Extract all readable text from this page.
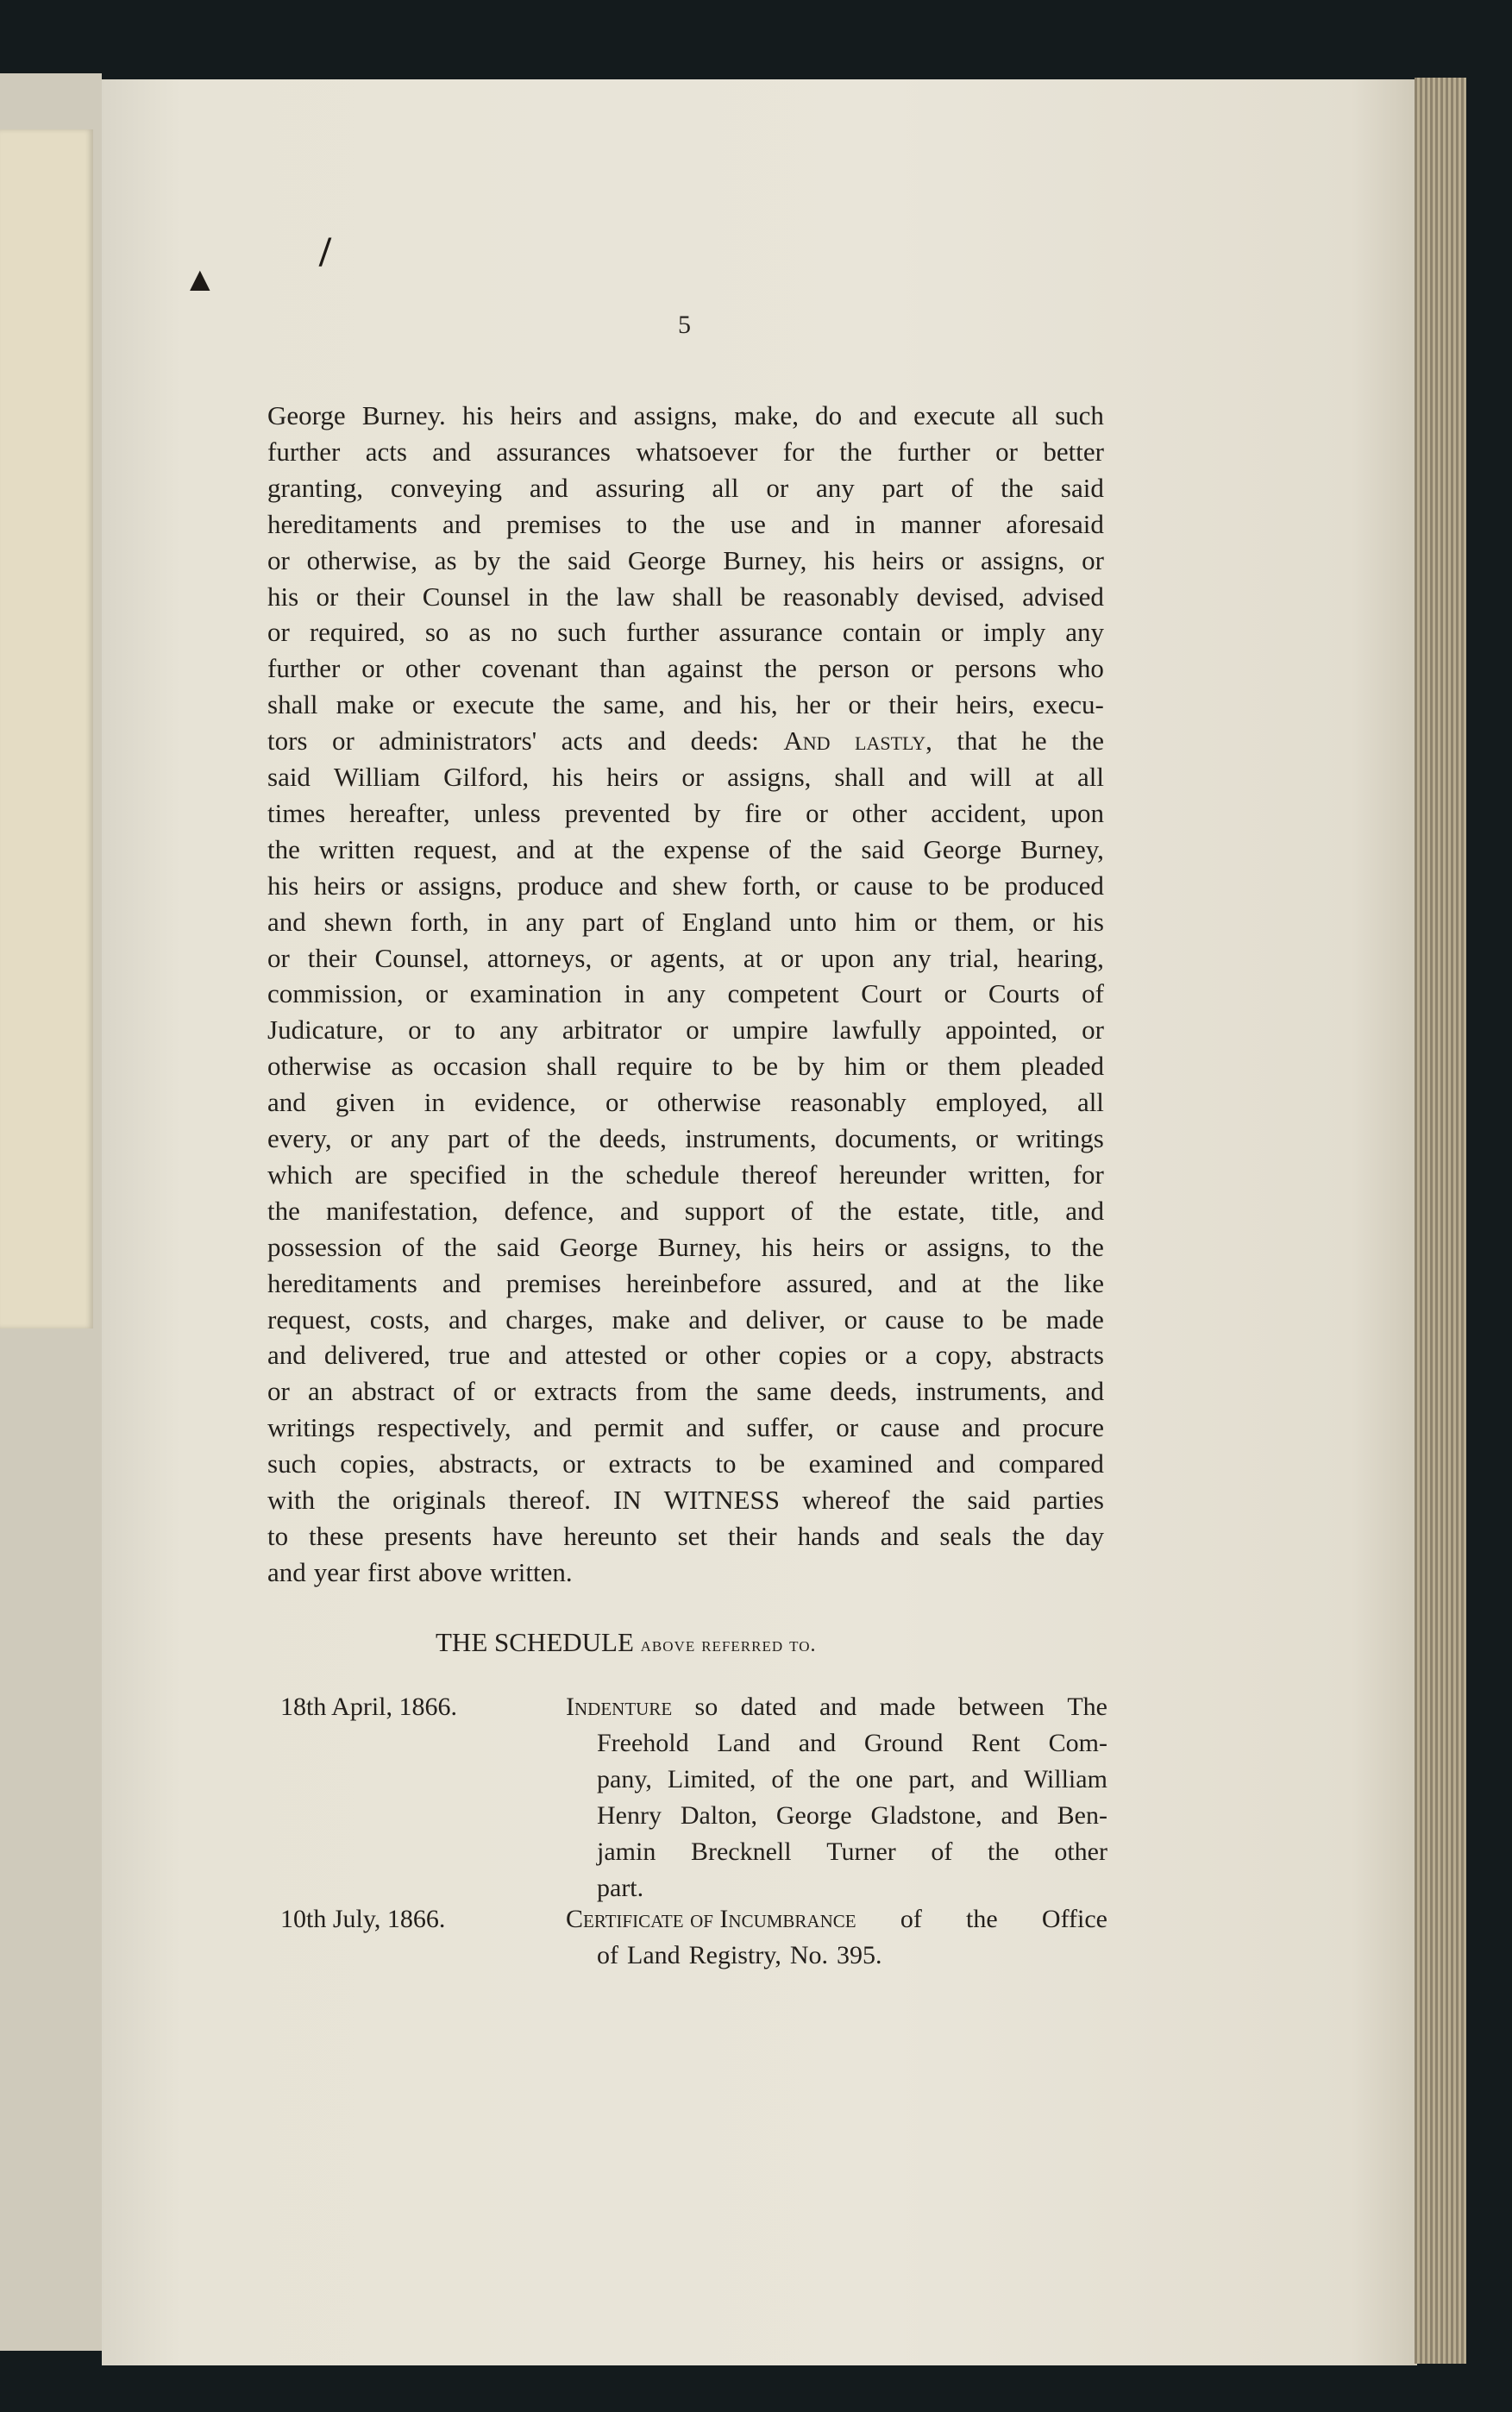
▲
/
5
George Burney. his heirs and assigns, make, do and execute all such
further acts and assurances whatsoever for the further or better
granting, conveying and assuring all or any part of the said
hereditaments and premises to the use and in manner aforesaid
or otherwise, as by the said George Burney, his heirs or assigns, or
his or their Counsel in the law shall be reasonably devised, advised
or required, so as no such further assurance contain or imply any
further or other covenant than against the person or persons who
shall make or execute the same, and his, her or their heirs, execu-
tors or administrators' acts and deeds: And lastly, that he the
said William Gilford, his heirs or assigns, shall and will at all
times hereafter, unless prevented by fire or other accident, upon
the written request, and at the expense of the said George Burney,
his heirs or assigns, produce and shew forth, or cause to be produced
and shewn forth, in any part of England unto him or them, or his
or their Counsel, attorneys, or agents, at or upon any trial, hearing,
commission, or examination in any competent Court or Courts of
Judicature, or to any arbitrator or umpire lawfully appointed, or
otherwise as occasion shall require to be by him or them pleaded
and given in evidence, or otherwise reasonably employed, all
every, or any part of the deeds, instruments, documents, or writings
which are specified in the schedule thereof hereunder written, for
the manifestation, defence, and support of the estate, title, and
possession of the said George Burney, his heirs or assigns, to the
hereditaments and premises hereinbefore assured, and at the like
request, costs, and charges, make and deliver, or cause to be made
and delivered, true and attested or other copies or a copy, abstracts
or an abstract of or extracts from the same deeds, instruments, and
writings respectively, and permit and suffer, or cause and procure
such copies, abstracts, or extracts to be examined and compared
with the originals thereof. IN WITNESS whereof the said parties
to these presents have hereunto set their hands and seals the day
and year first above written.
THE SCHEDULE above referred to.
18th April, 1866.	Indenture so dated and made between The
Freehold Land and Ground Rent Com-
pany, Limited, of the one part, and William
Henry Dalton, George Gladstone, and Ben-
jamin Brecknell Turner of the other
part.
10th July, 1866.	Certificate of Incumbrance of the Office
of Land Registry, No. 395.
